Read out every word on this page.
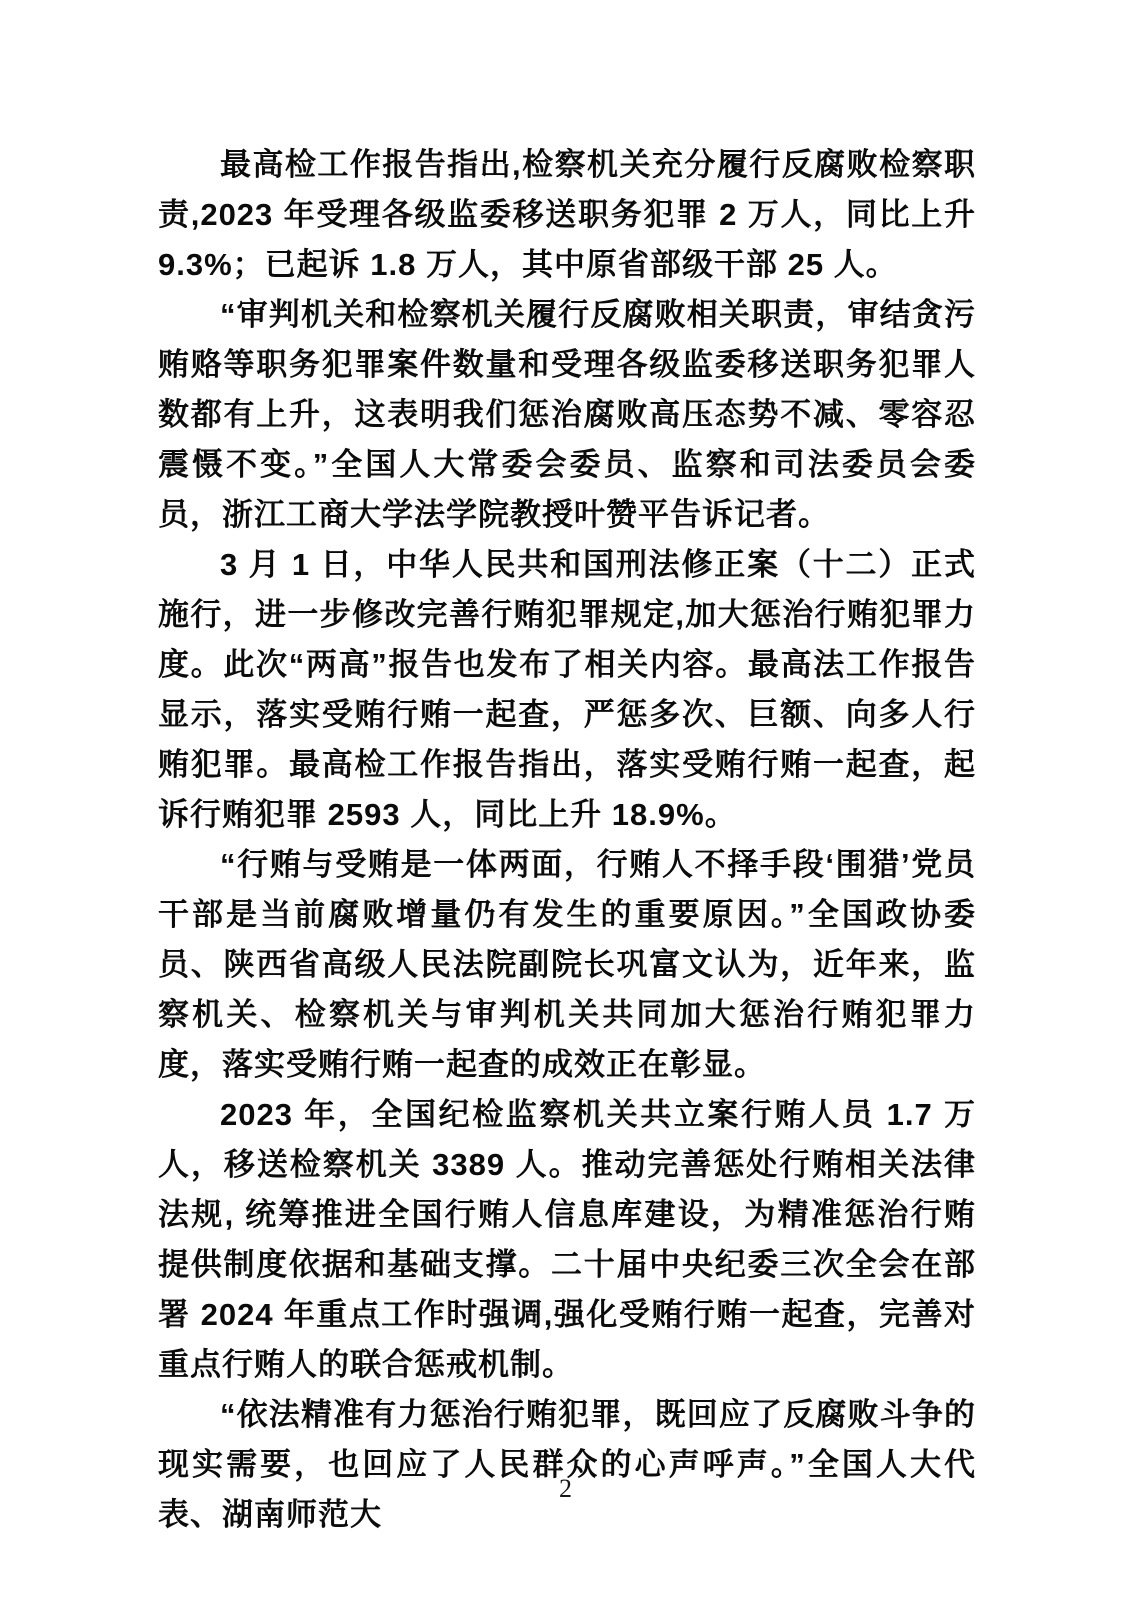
最高检工作报告指出,检察机关充分履行反腐败检察职责,2023 年受理各级监委移送职务犯罪 2 万人，同比上升 9.3%；已起诉 1.8 万人，其中原省部级干部 25 人。

“审判机关和检察机关履行反腐败相关职责，审结贪污贿赂等职务犯罪案件数量和受理各级监委移送职务犯罪人数都有上升，这表明我们惩治腐败高压态势不减、零容忍震慑不变。”全国人大常委会委员、监察和司法委员会委员，浙江工商大学法学院教授叶赞平告诉记者。

3 月 1 日，中华人民共和国刑法修正案（十二）正式施行，进一步修改完善行贿犯罪规定,加大惩治行贿犯罪力度。此次“两高”报告也发布了相关内容。最高法工作报告显示，落实受贿行贿一起查，严惩多次、巨额、向多人行贿犯罪。最高检工作报告指出，落实受贿行贿一起查，起诉行贿犯罪 2593 人，同比上升 18.9%。

“行贿与受贿是一体两面，行贿人不择手段‘围猎’党员干部是当前腐败增量仍有发生的重要原因。”全国政协委员、陕西省高级人民法院副院长巩富文认为，近年来，监察机关、检察机关与审判机关共同加大惩治行贿犯罪力度，落实受贿行贿一起查的成效正在彰显。

2023 年，全国纪检监察机关共立案行贿人员 1.7 万人，移送检察机关 3389 人。推动完善惩处行贿相关法律法规, 统筹推进全国行贿人信息库建设，为精准惩治行贿提供制度依据和基础支撑。二十届中央纪委三次全会在部署 2024 年重点工作时强调,强化受贿行贿一起查，完善对重点行贿人的联合惩戒机制。

“依法精准有力惩治行贿犯罪，既回应了反腐败斗争的现实需要，也回应了人民群众的心声呼声。”全国人大代表、湖南师范大

2
